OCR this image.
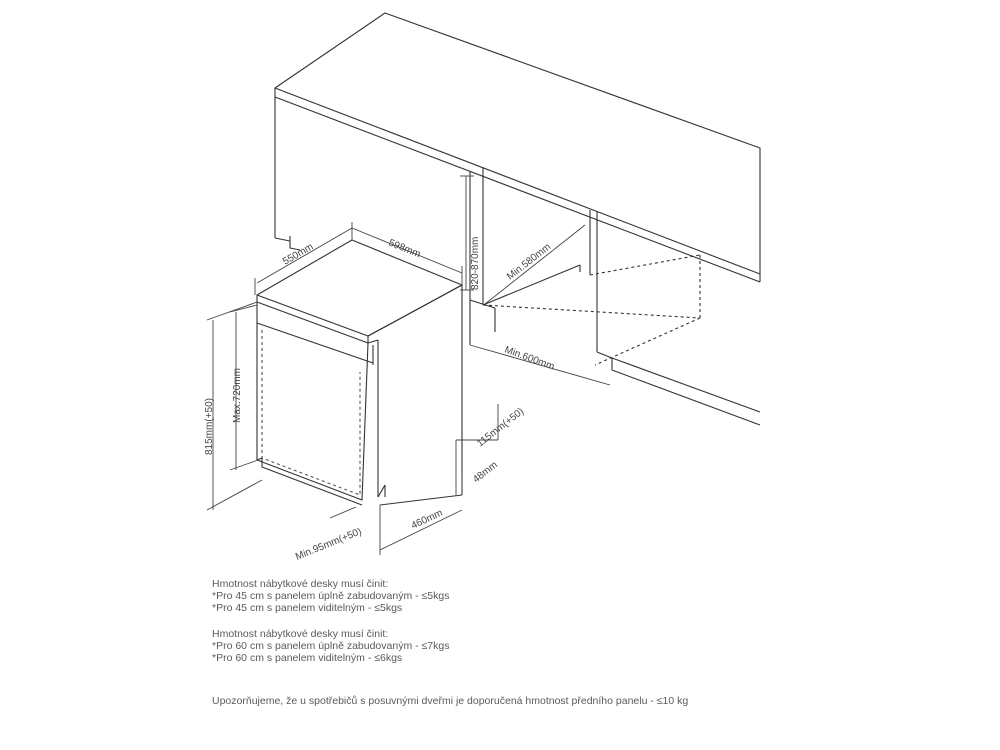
550mm	598mm	820-870mm Min.580mm
Min.600mm
815mm(+50)
Max.720mm
115mm(+50)
48mm
460mm
Min.95mm(+50)

Hmotnost nábytkové desky musí činit:

*Pro 45 cm s panelem úplně zabudovaným - ≤5kgs

*Pro 45 cm s panelem viditelným - ≤5kgs

Hmotnost nábytkové desky musí činit:

*Pro 60 cm s panelem úplně zabudovaným - ≤7kgs

*Pro 60 cm s panelem viditelným - ≤6kgs

Upozorňujeme, že u spotřebičů s posuvnými dveřmi je doporučená hmotnost předního panelu - ≤10 kg
